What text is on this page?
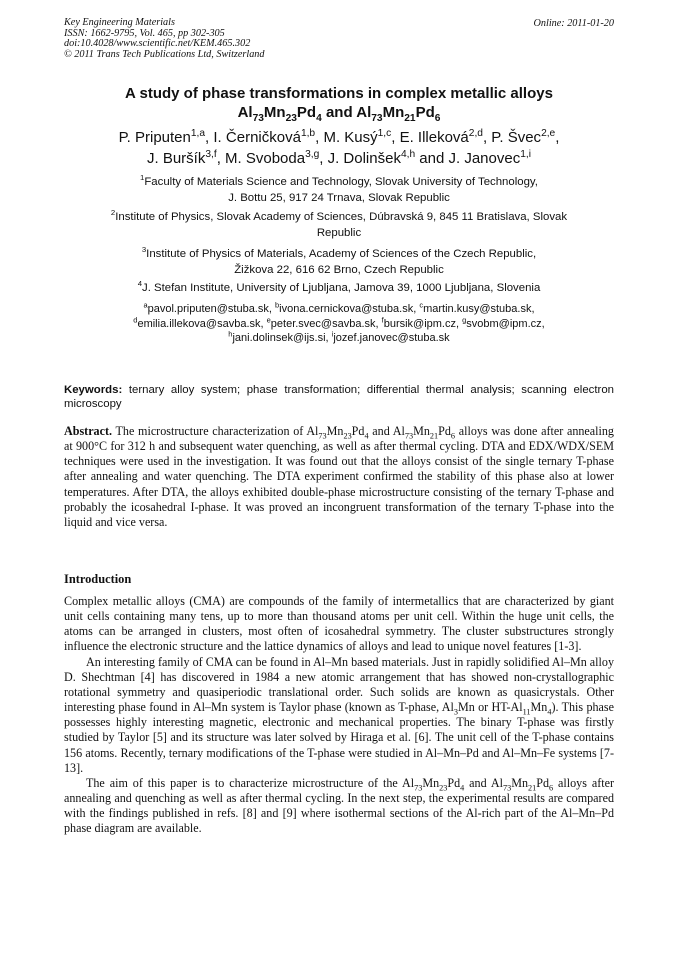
Key Engineering Materials
ISSN: 1662-9795, Vol. 465, pp 302-305
doi:10.4028/www.scientific.net/KEM.465.302
© 2011 Trans Tech Publications Ltd, Switzerland
Online: 2011-01-20
A study of phase transformations in complex metallic alloys
$Al_{73}Mn_{23}Pd_4$ and $Al_{73}Mn_{21}Pd_6$
P. Priputen$^{1,a}$, I. Černičková$^{1,b}$, M. Kusý$^{1,c}$, E. Illeková$^{2,d}$, P. Švec$^{2,e}$,
J. Buršík$^{3,f}$, M. Svoboda$^{3,g}$, J. Dolinšek$^{4,h}$ and J. Janovec$^{1,i}$
$^1$Faculty of Materials Science and Technology, Slovak University of Technology,
J. Bottu 25, 917 24 Trnava, Slovak Republic
$^2$Institute of Physics, Slovak Academy of Sciences, Dúbravská 9, 845 11 Bratislava, Slovak
Republic
$^3$Institute of Physics of Materials, Academy of Sciences of the Czech Republic,
Žižkova 22, 616 62 Brno, Czech Republic
$^4$J. Stefan Institute, University of Ljubljana, Jamova 39, 1000 Ljubljana, Slovenia
$^a$pavol.priputen@stuba.sk, $^b$ivona.cernickova@stuba.sk, $^c$martin.kusy@stuba.sk,
$^d$emilia.illekova@savba.sk, $^e$peter.svec@savba.sk, $^f$bursik@ipm.cz, $^g$svobm@ipm.cz,
$^h$jani.dolinsek@ijs.si, $^i$jozef.janovec@stuba.sk
Keywords: ternary alloy system; phase transformation; differential thermal analysis; scanning electron microscopy
Abstract. The microstructure characterization of $Al_{73}Mn_{23}Pd_4$ and $Al_{73}Mn_{21}Pd_6$ alloys was done after annealing at 900°C for 312 h and subsequent water quenching, as well as after thermal cycling. DTA and EDX/WDX/SEM techniques were used in the investigation. It was found out that the alloys consist of the single ternary T-phase after annealing and water quenching. The DTA experiment confirmed the stability of this phase also at lower temperatures. After DTA, the alloys exhibited double-phase microstructure consisting of the ternary T-phase and probably the icosahedral I-phase. It was proved an incongruent transformation of the ternary T-phase into the liquid and vice versa.
Introduction

Complex metallic alloys (CMA) are compounds of the family of intermetallics that are characterized by giant unit cells containing many tens, up to more than thousand atoms per unit cell. Within the huge unit cells, the atoms can be arranged in clusters, most often of icosahedral symmetry. The cluster substructures strongly influence the electronic structure and the lattice dynamics of alloys and lead to unique novel features [1-3].

An interesting family of CMA can be found in Al–Mn based materials. Just in rapidly solidified Al–Mn alloy D. Shechtman [4] has discovered in 1984 a new atomic arrangement that has showed non-crystallographic rotational symmetry and quasiperiodic translational order. Such solids are known as quasicrystals. Other interesting phase found in Al–Mn system is Taylor phase (known as T-phase, $Al_3Mn$ or $HT-Al_{11}Mn_4$). This phase possesses highly interesting magnetic, electronic and mechanical properties. The binary T-phase was firstly studied by Taylor [5] and its structure was later solved by Hiraga et al. [6]. The unit cell of the T-phase contains 156 atoms. Recently, ternary modifications of the T-phase were studied in Al–Mn–Pd and Al–Mn–Fe systems [7-13].

The aim of this paper is to characterize microstructure of the $Al_{73}Mn_{23}Pd_4$ and $Al_{73}Mn_{21}Pd_6$ alloys after annealing and quenching as well as after thermal cycling. In the next step, the experimental results are compared with the findings published in refs. [8] and [9] where isothermal sections of the Al-rich part of the Al–Mn–Pd phase diagram are available.
